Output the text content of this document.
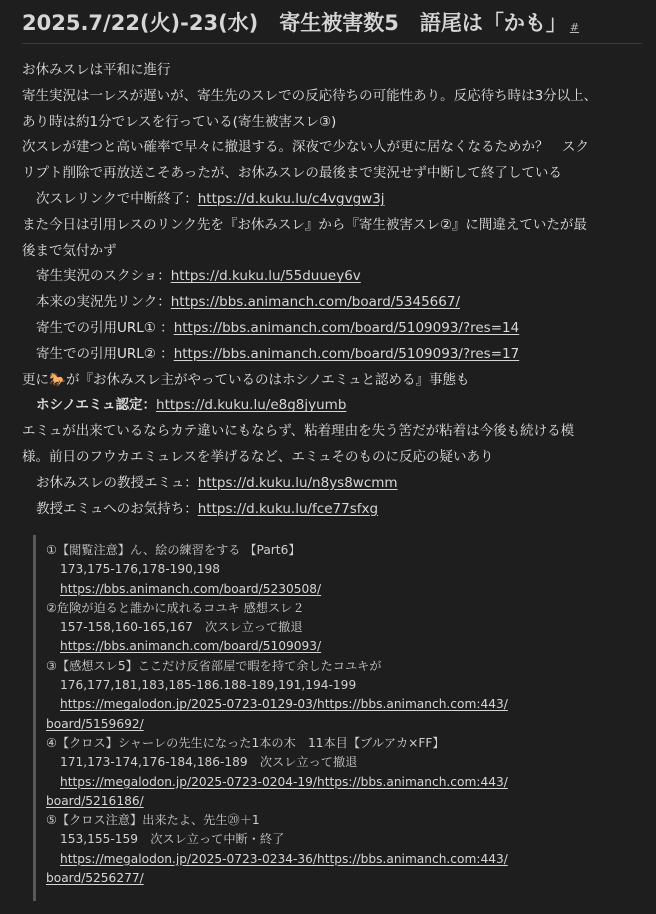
2025.7/22(火)-23(水)　寄生被害数5　語尾は「かも」 #
お休みスレは平和に進行
寄生実況は一レスが遅いが、寄生先のスレでの反応待ちの可能性あり。反応待ち時は3分以上、
あり時は約1分でレスを行っている(寄生被害スレ③)
次スレが建つと高い確率で早々に撤退する。深夜で少ない人が更に居なくなるためか？　スク
リプト削除で再放送こそあったが、お休みスレの最後まで実況せず中断して終了している
次スレリンクで中断終了：https://d.kuku.lu/c4vgvgw3j
また今日は引用レスのリンク先を『お休みスレ』から『寄生被害スレ②』に間違えていたが最
後まで気付かず
寄生実況のスクショ：https://d.kuku.lu/55duuey6v
本来の実況先リンク：https://bbs.animanch.com/board/5345667/
寄生での引用URL① ：https://bbs.animanch.com/board/5109093/?res=14
寄生での引用URL② ：https://bbs.animanch.com/board/5109093/?res=17
更に🐎が『お休みスレ主がやっているのはホシノエミュと認める』事態も
ホシノエミュ認定：https://d.kuku.lu/e8g8jyumb
エミュが出来ているならカテ違いにもならず、粘着理由を失う筈だが粘着は今後も続ける模
様。前日のフウカエミュレスを挙げるなど、エミュそのものに反応の疑いあり
お休みスレの教授エミュ：https://d.kuku.lu/n8ys8wcmm
教授エミュへのお気持ち：https://d.kuku.lu/fce77sfxg
①【閲覧注意】ん、絵の練習をする 【Part6】
173,175-176,178-190,198
https://bbs.animanch.com/board/5230508/
②危険が迫ると誰かに成れるコユキ 感想スレ２
157-158,160-165,167　次スレ立って撤退
https://bbs.animanch.com/board/5109093/
③【感想スレ5】ここだけ反省部屋で暇を持て余したコユキが
176,177,181,183,185-186.188-189,191,194-199
https://megalodon.jp/2025-0723-0129-03/https://bbs.animanch.com:443/
board/5159692/
④【クロス】シャーレの先生になった1本の木　11本目【ブルアカ×FF】
171,173-174,176-184,186-189　次スレ立って撤退
https://megalodon.jp/2025-0723-0204-19/https://bbs.animanch.com:443/
board/5216186/
⑤【クロス注意】出来たよ、先生⑳＋1
153,155-159　次スレ立って中断・終了
https://megalodon.jp/2025-0723-0234-36/https://bbs.animanch.com:443/
board/5256277/
